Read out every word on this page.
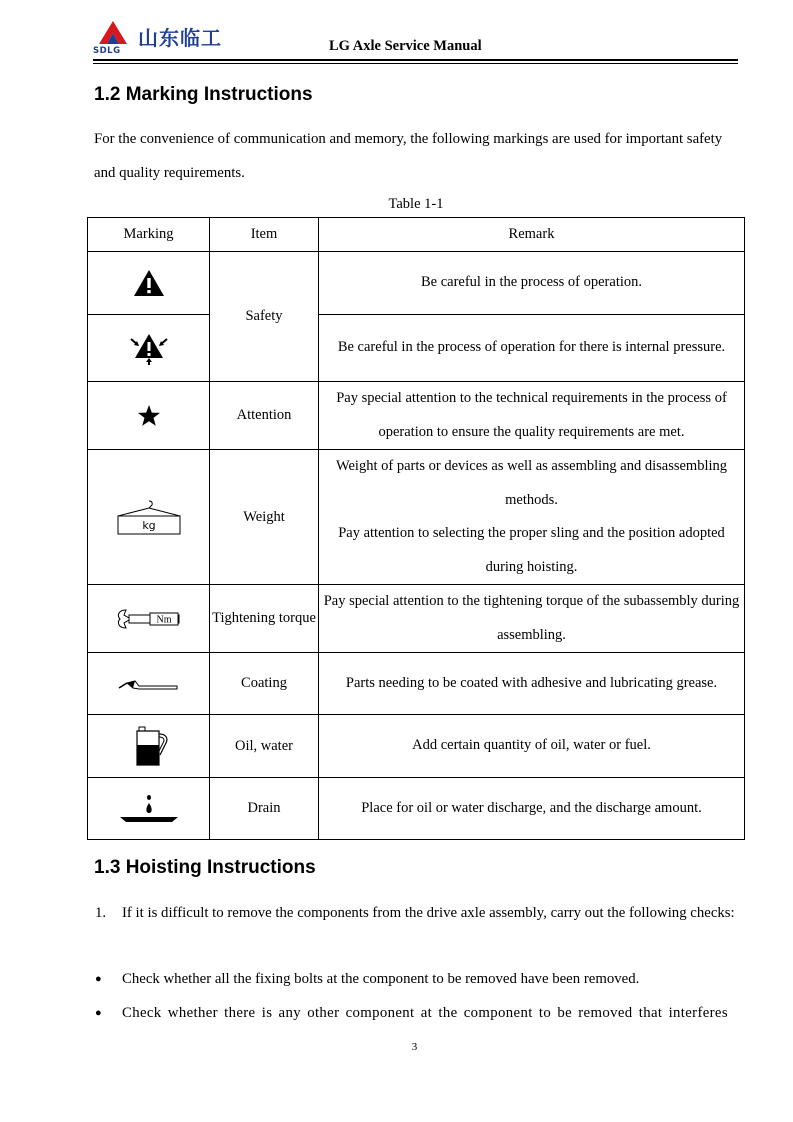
山东临工
SDLG	LG Axle Service Manual
1.2 Marking Instructions

For the convenience of communication and memory, the following markings are used for important safety and quality requirements.

Table 1-1
Marking	Item	Remark

	Safety	Be careful in the process of operation.

	Be careful in the process of operation for there is internal pressure.

	Attention	Pay special attention to the technical requirements in the process of operation to ensure the quality requirements are met.

kg	Weight	Weight of parts or devices as well as assembling and disassembling methods.
Pay attention to selecting the proper sling and the position adopted during hoisting.

Nm	Tightening torque	Pay special attention to the tightening torque of the subassembly during assembling.

	Coating	Parts needing to be coated with adhesive and lubricating grease.

	Oil, water	Add certain quantity of oil, water or fuel.

	Drain	Place for oil or water discharge, and the discharge amount.
1.3 Hoisting Instructions
1.	If it is difficult to remove the components from the drive axle assembly, carry out the following checks:
●	Check whether all the fixing bolts at the component to be removed have been removed.
●	Check whether there is any other component at the component to be removed that interferes
3
